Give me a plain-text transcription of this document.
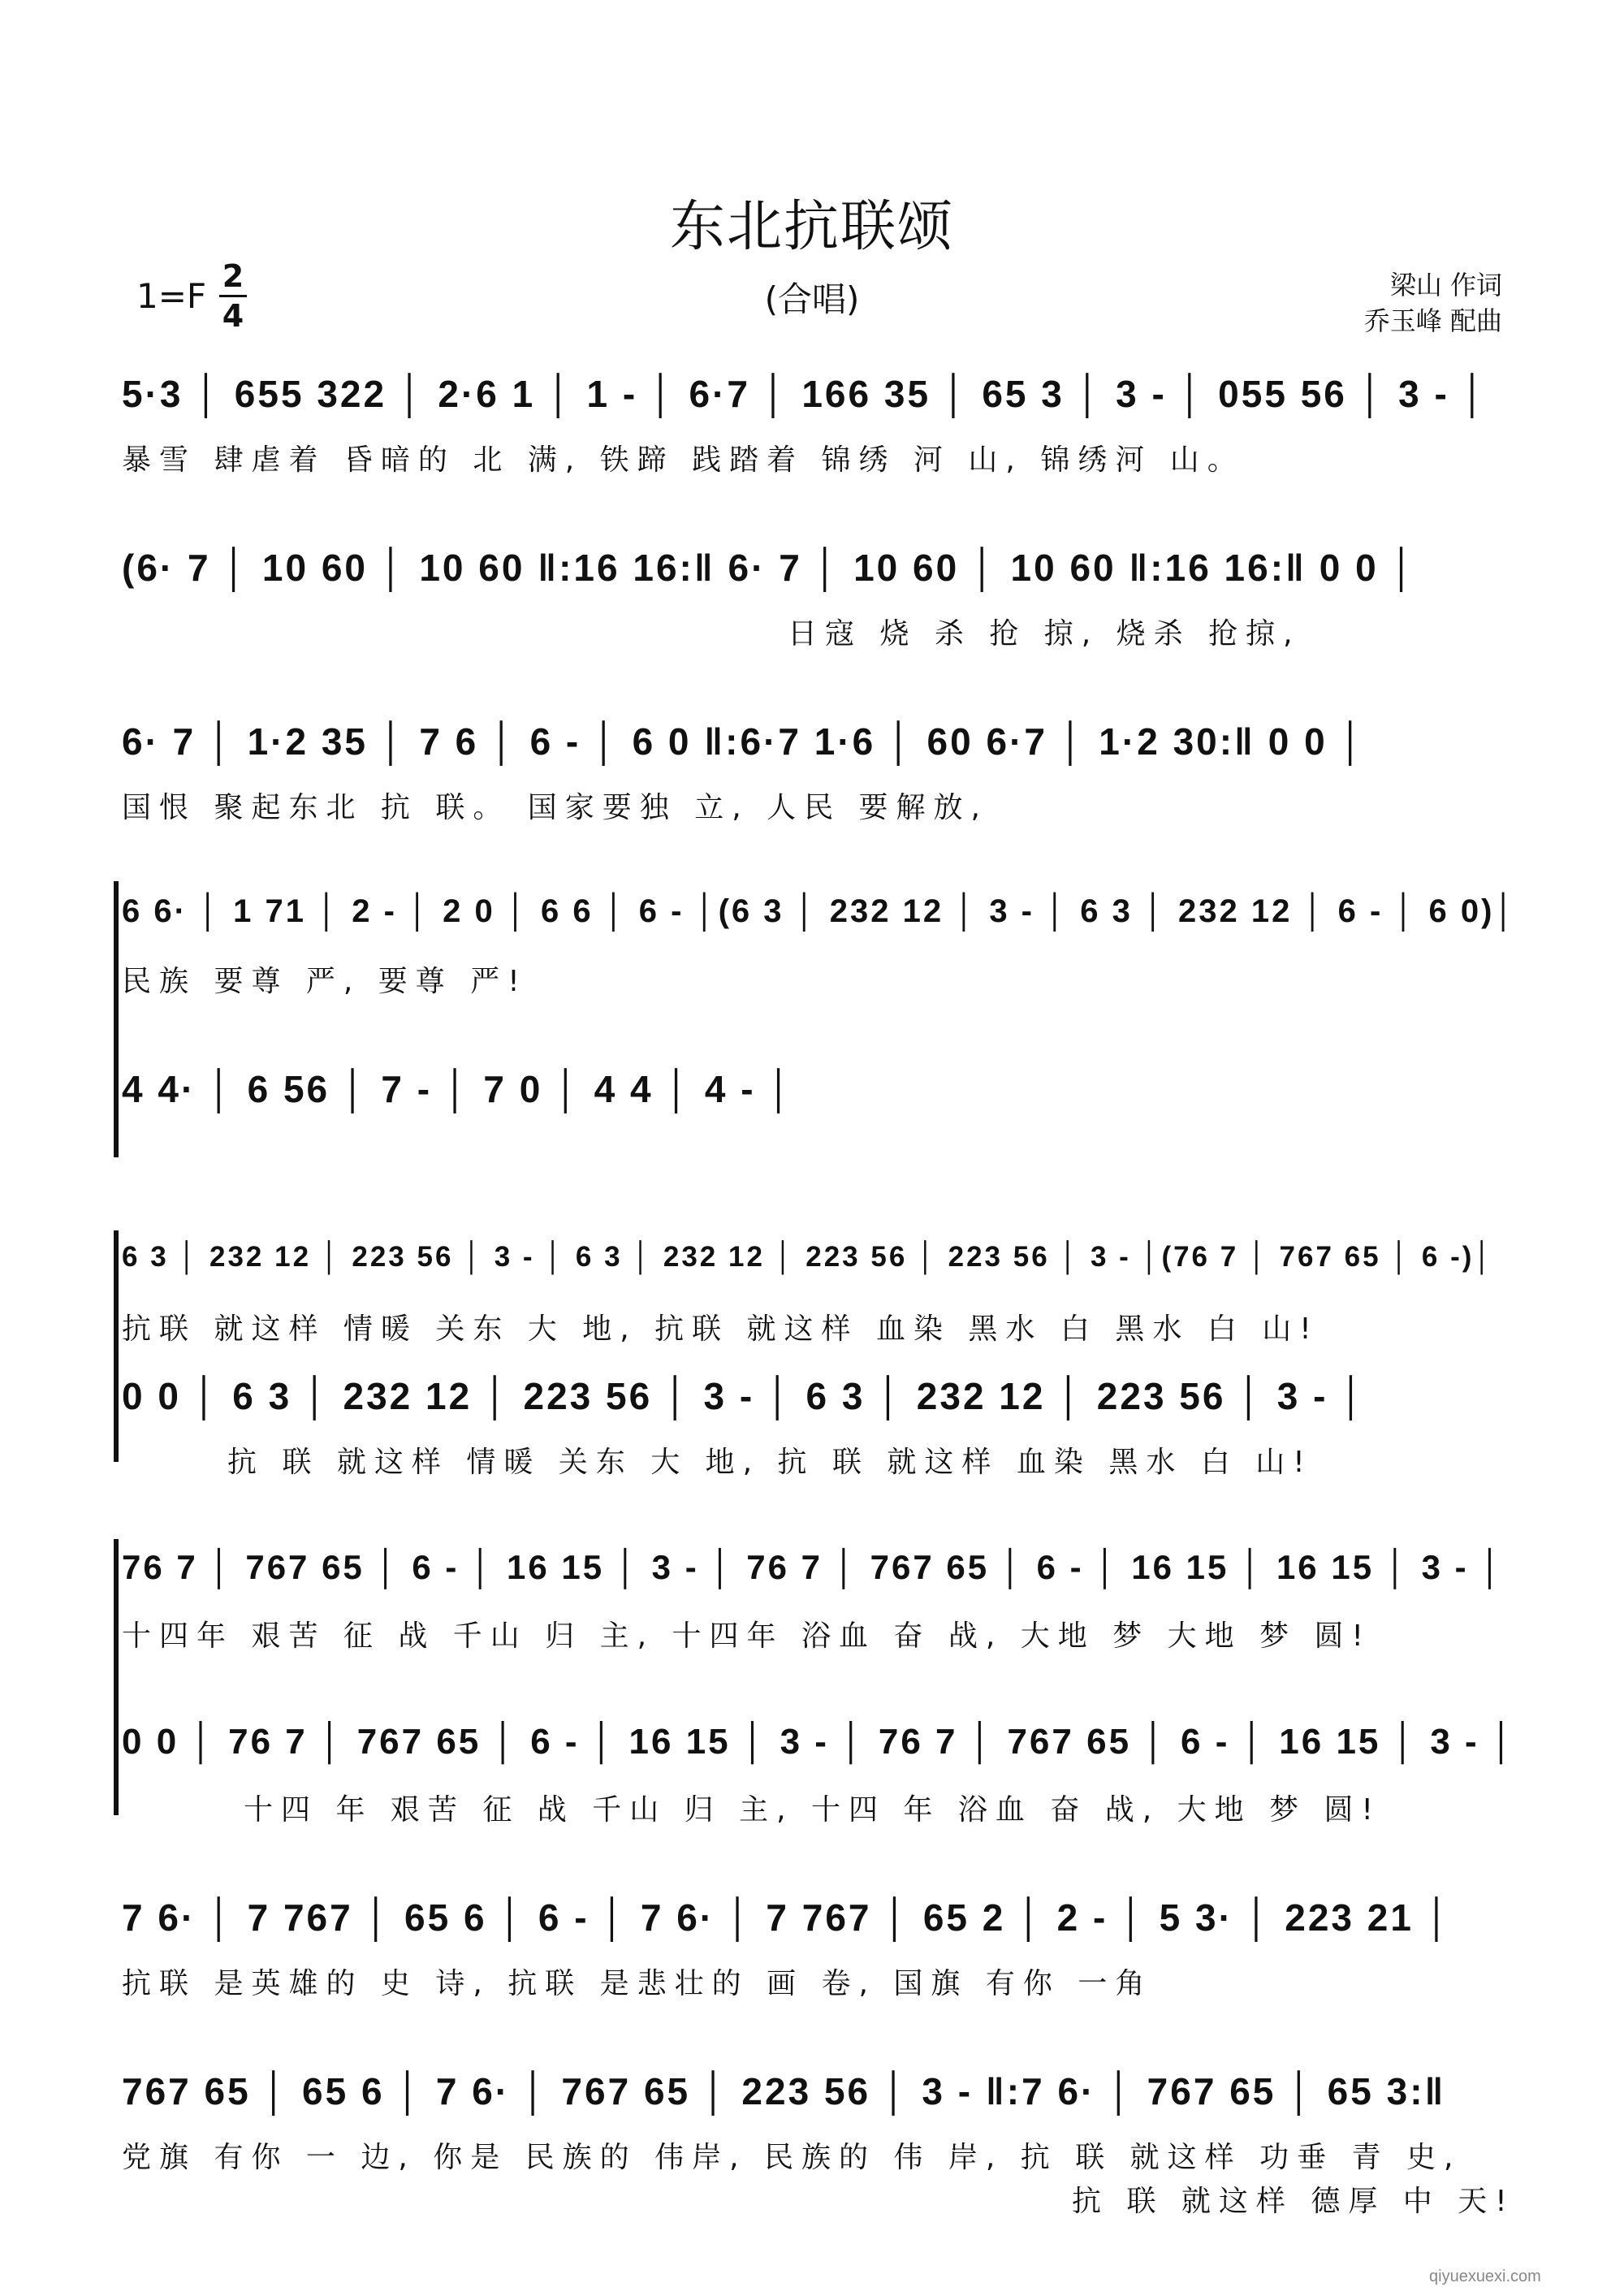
东北抗联颂
1=F 2
4	(合唱)	梁山 作词
乔玉峰 配曲
5·3 │ 655 322 │ 2·6 1 │ 1 - │ 6·7 │ 166 35 │ 65 3 │ 3 - │ 055 56 │ 3 - │
暴雪 肆虐着 昏暗的 北 满, 铁蹄 践踏着 锦绣 河 山, 锦绣河 山。
(6· 7 │ 10 60 │ 10 60 ‖:16 16:‖ 6· 7 │ 10 60 │ 10 60 ‖:16 16:‖ 0 0 │
日寇 烧 杀 抢 掠, 烧杀 抢掠,
6· 7 │ 1·2 35 │ 7 6 │ 6 - │ 6 0 ‖:6·7 1·6 │ 60 6·7 │ 1·2 30:‖ 0 0 │
国恨 聚起东北 抗 联。 国家要独 立, 人民 要解放,
6 6· │ 1 71 │ 2 - │ 2 0 │ 6 6 │ 6 - │(6 3 │ 232 12 │ 3 - │ 6 3 │ 232 12 │ 6 - │ 6 0)│
民族 要尊 严, 要尊 严!
4 4· │ 6 56 │ 7 - │ 7 0 │ 4 4 │ 4 - │
6 3 │ 232 12 │ 223 56 │ 3 - │ 6 3 │ 232 12 │ 223 56 │ 223 56 │ 3 - │(76 7 │ 767 65 │ 6 -)│
抗联 就这样 情暖 关东 大 地, 抗联 就这样 血染 黑水 白 黑水 白 山!
0 0 │ 6 3 │ 232 12 │ 223 56 │ 3 - │ 6 3 │ 232 12 │ 223 56 │ 3 - │
抗 联 就这样 情暖 关东 大 地, 抗 联 就这样 血染 黑水 白 山!
76 7 │ 767 65 │ 6 - │ 16 15 │ 3 - │ 76 7 │ 767 65 │ 6 - │ 16 15 │ 16 15 │ 3 - │
十四年 艰苦 征 战 千山 归 主, 十四年 浴血 奋 战, 大地 梦 大地 梦 圆!
0 0 │ 76 7 │ 767 65 │ 6 - │ 16 15 │ 3 - │ 76 7 │ 767 65 │ 6 - │ 16 15 │ 3 - │
十四 年 艰苦 征 战 千山 归 主, 十四 年 浴血 奋 战, 大地 梦 圆!
7 6· │ 7 767 │ 65 6 │ 6 - │ 7 6· │ 7 767 │ 65 2 │ 2 - │ 5 3· │ 223 21 │
抗联 是英雄的 史 诗, 抗联 是悲壮的 画 卷, 国旗 有你 一角
767 65 │ 65 6 │ 7 6· │ 767 65 │ 223 56 │ 3 - ‖:7 6· │ 767 65 │ 65 3:‖
党旗 有你 一 边, 你是 民族的 伟岸, 民族的 伟 岸, 抗 联 就这样 功垂 青 史,
抗 联 就这样 德厚 中 天!
qiyuexuexi.com
